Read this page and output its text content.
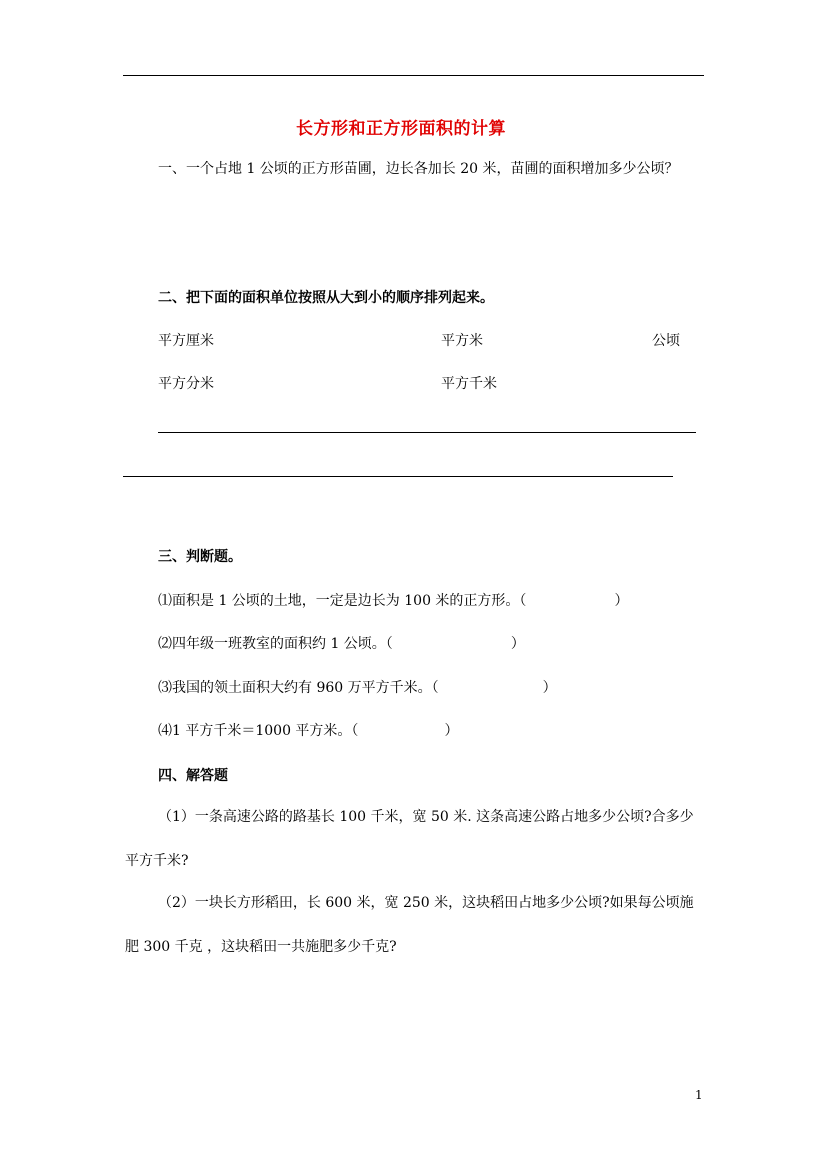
长方形和正方形面积的计算
一、一个占地 1 公顷的正方形苗圃，边长各加长 20 米，苗圃的面积增加多少公顷？
二、把下面的面积单位按照从大到小的顺序排列起来。
平方厘米	平方米	公顷
平方分米	平方千米
三、判断题。
⑴面积是 1 公顷的土地，一定是边长为 100 米的正方形。（	）
⑵四年级一班教室的面积约 1 公顷。（	）
⑶我国的领土面积大约有 960 万平方千米。（	）
⑷1 平方千米＝1000 平方米。（	）
四、解答题
（1）一条高速公路的路基长 100 千米，宽 50 米. 这条高速公路占地多少公顷?合多少
平方千米?
（2）一块长方形稻田，长 600 米，宽 250 米，这块稻田占地多少公顷?如果每公顷施
肥 300 千克 ，这块稻田一共施肥多少千克?
1
